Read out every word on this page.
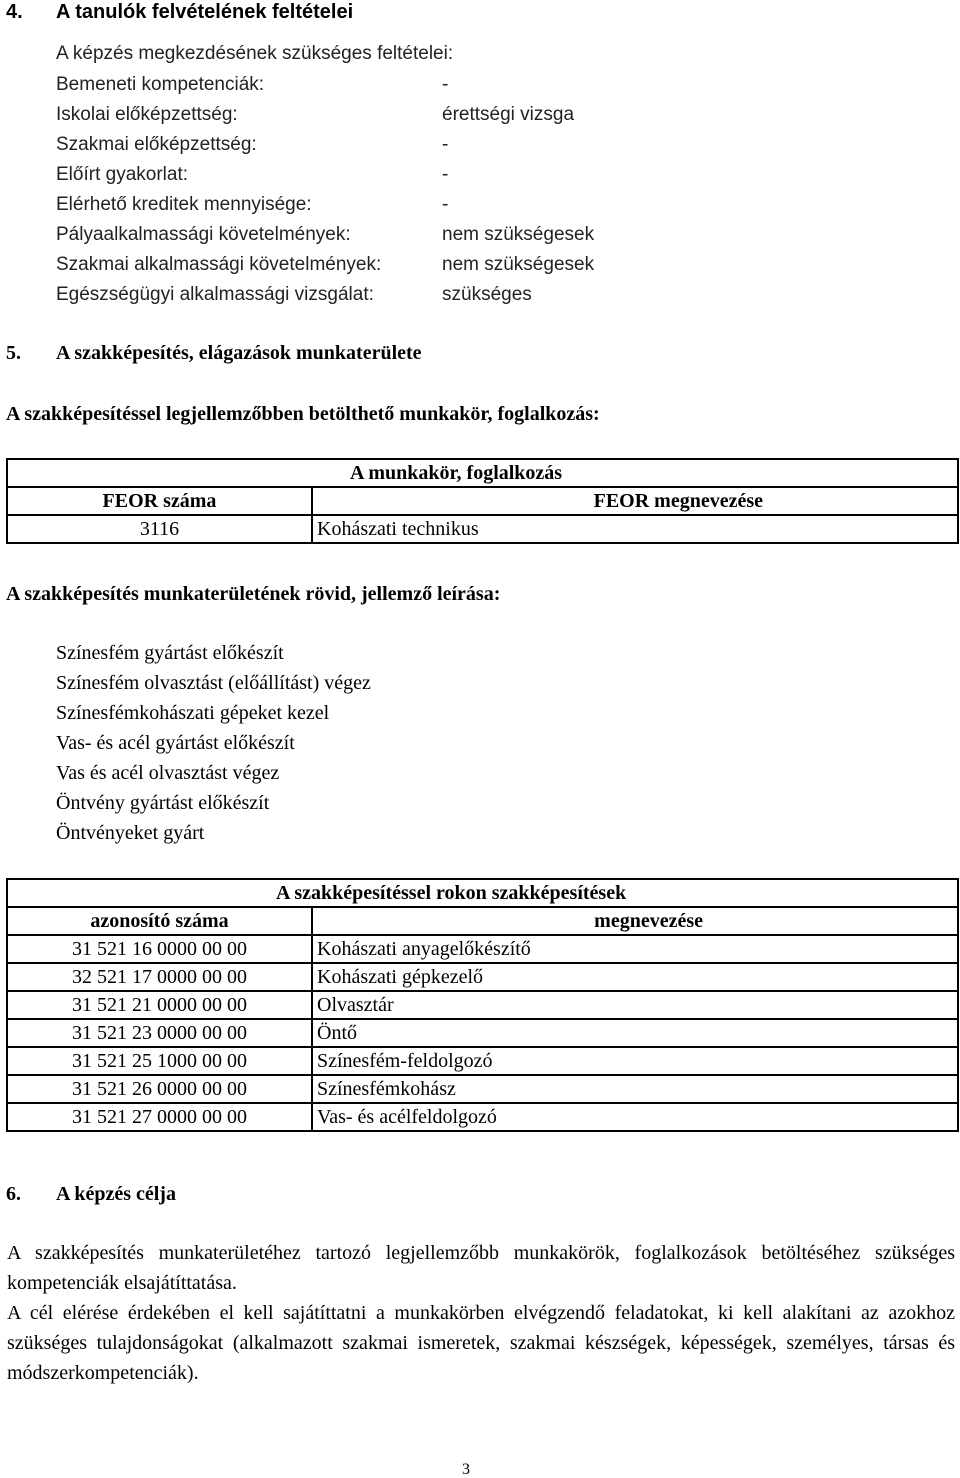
4. A tanulók felvételének feltételei
A képzés megkezdésének szükséges feltételei:
Bemeneti kompetenciák:	-
Iskolai előképzettség:	érettségi vizsga
Szakmai előképzettség:	-
Előírt gyakorlat:	-
Elérhető kreditek mennyisége:	-
Pályaalkalmassági követelmények:	nem szükségesek
Szakmai alkalmassági követelmények:	nem szükségesek
Egészségügyi alkalmassági vizsgálat:	szükséges
5. A szakképesítés, elágazások munkaterülete
A szakképesítéssel legjellemzőbben betölthető munkakör, foglalkozás:
	A munkakör, foglalkozás
FEOR száma	FEOR megnevezése
3116	Kohászati technikus
A szakképesítés munkaterületének rövid, jellemző leírása:
Színesfém gyártást előkészít
Színesfém olvasztást (előállítást) végez
Színesfémkohászati gépeket kezel
Vas- és acél gyártást előkészít
Vas és acél olvasztást végez
Öntvény gyártást előkészít
Öntvényeket gyárt
	A szakképesítéssel rokon szakképesítések
azonosító száma	megnevezése
31 521 16 0000 00 00	Kohászati anyagelőkészítő
32 521 17 0000 00 00	Kohászati gépkezelő
31 521 21 0000 00 00	Olvasztár
31 521 23 0000 00 00	Öntő
31 521 25 1000 00 00	Színesfém-feldolgozó
31 521 26 0000 00 00	Színesfémkohász
31 521 27 0000 00 00	Vas- és acélfeldolgozó
6. A képzés célja
A szakképesítés munkaterületéhez tartozó legjellemzőbb munkakörök, foglalkozások betöltéséhez szükséges kompetenciák elsajátíttatása.
A cél elérése érdekében el kell sajátíttatni a munkakörben elvégzendő feladatokat, ki kell alakítani az azokhoz szükséges tulajdonságokat (alkalmazott szakmai ismeretek, szakmai készségek, képességek, személyes, társas és módszerkompetenciák).
3
